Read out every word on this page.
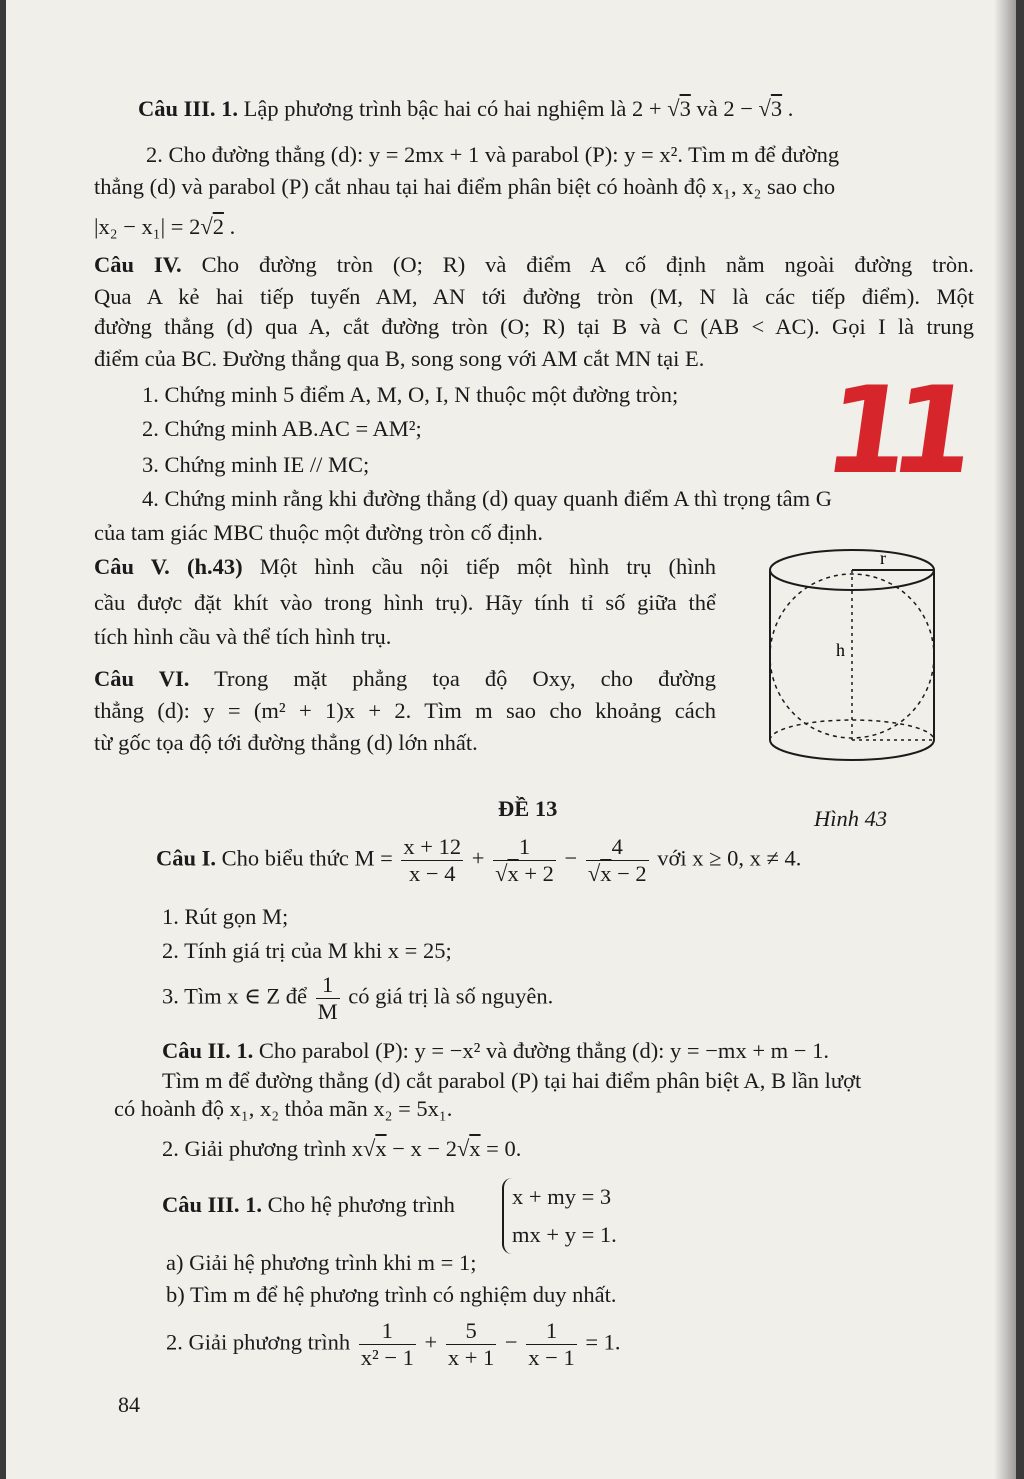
Câu III. 1. Lập phương trình bậc hai có hai nghiệm là 2 + √3 và 2 − √3 .
2. Cho đường thẳng (d): y = 2mx + 1 và parabol (P): y = x². Tìm m để đường
thẳng (d) và parabol (P) cắt nhau tại hai điểm phân biệt có hoành độ x₁, x₂ sao cho
|x₂ − x₁| = 2√2 .
Câu IV. Cho đường tròn (O; R) và điểm A cố định nằm ngoài đường tròn.
Qua A kẻ hai tiếp tuyến AM, AN tới đường tròn (M, N là các tiếp điểm). Một
đường thẳng (d) qua A, cắt đường tròn (O; R) tại B và C (AB < AC). Gọi I là trung
điểm của BC. Đường thẳng qua B, song song với AM cắt MN tại E.
1. Chứng minh 5 điểm A, M, O, I, N thuộc một đường tròn;
2. Chứng minh AB.AC = AM²;
3. Chứng minh IE // MC;
4. Chứng minh rằng khi đường thẳng (d) quay quanh điểm A thì trọng tâm G
của tam giác MBC thuộc một đường tròn cố định.
11
Câu V. (h.43) Một hình cầu nội tiếp một hình trụ (hình
cầu được đặt khít vào trong hình trụ). Hãy tính tỉ số giữa thể
tích hình cầu và thể tích hình trụ.
Câu VI. Trong mặt phẳng tọa độ Oxy, cho đường
thẳng (d): y = (m² + 1)x + 2. Tìm m sao cho khoảng cách
từ gốc tọa độ tới đường thẳng (d) lớn nhất.
r
h
Hình 43
ĐỀ 13
Câu I. Cho biểu thức $M = \frac{x + 12}{x - 4} + \frac{1}{√x + 2} - \frac{4}{√x - 2}$ với x ≥ 0, x ≠ 4.
1. Rút gọn M;
2. Tính giá trị của M khi x = 25;
3. Tìm x ∈ Z để $\frac{1}{M}$ có giá trị là số nguyên.
Câu II. 1. Cho parabol (P): y = −x² và đường thẳng (d): y = −mx + m − 1.
Tìm m để đường thẳng (d) cắt parabol (P) tại hai điểm phân biệt A, B lần lượt
có hoành độ x₁, x₂ thỏa mãn x₂ = 5x₁.
2. Giải phương trình x√x − x − 2√x = 0.
Câu III. 1. Cho hệ phương trình	x + my = 3
mx + y = 1.
a) Giải hệ phương trình khi m = 1;
b) Tìm m để hệ phương trình có nghiệm duy nhất.
2. Giải phương trình $\frac{1}{\text{x² − 1}} + \frac{5}{x + 1} - \frac{1}{x - 1} = 1$.
84
